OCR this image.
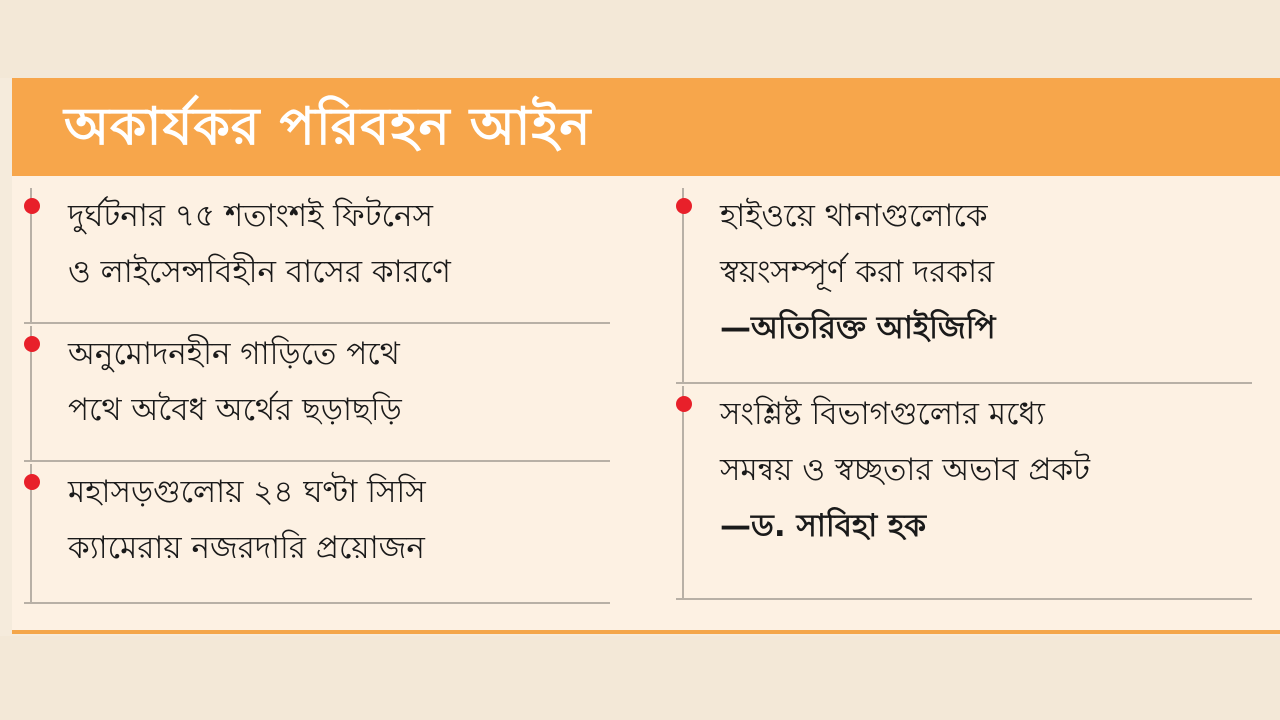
অকার্যকর পরিবহন আইন
দুর্ঘটনার ৭৫ শতাংশই ফিটনেস
ও লাইসেন্সবিহীন বাসের কারণে
অনুমোদনহীন গাড়িতে পথে
পথে অবৈধ অর্থের ছড়াছড়ি
মহাসড়গুলোয় ২৪ ঘণ্টা সিসি
ক্যামেরায় নজরদারি প্রয়োজন
হাইওয়ে থানাগুলোকে
স্বয়ংসম্পূর্ণ করা দরকার
—অতিরিক্ত আইজিপি
সংশ্লিষ্ট বিভাগগুলোর মধ্যে
সমন্বয় ও স্বচ্ছতার অভাব প্রকট
—ড. সাবিহা হক
